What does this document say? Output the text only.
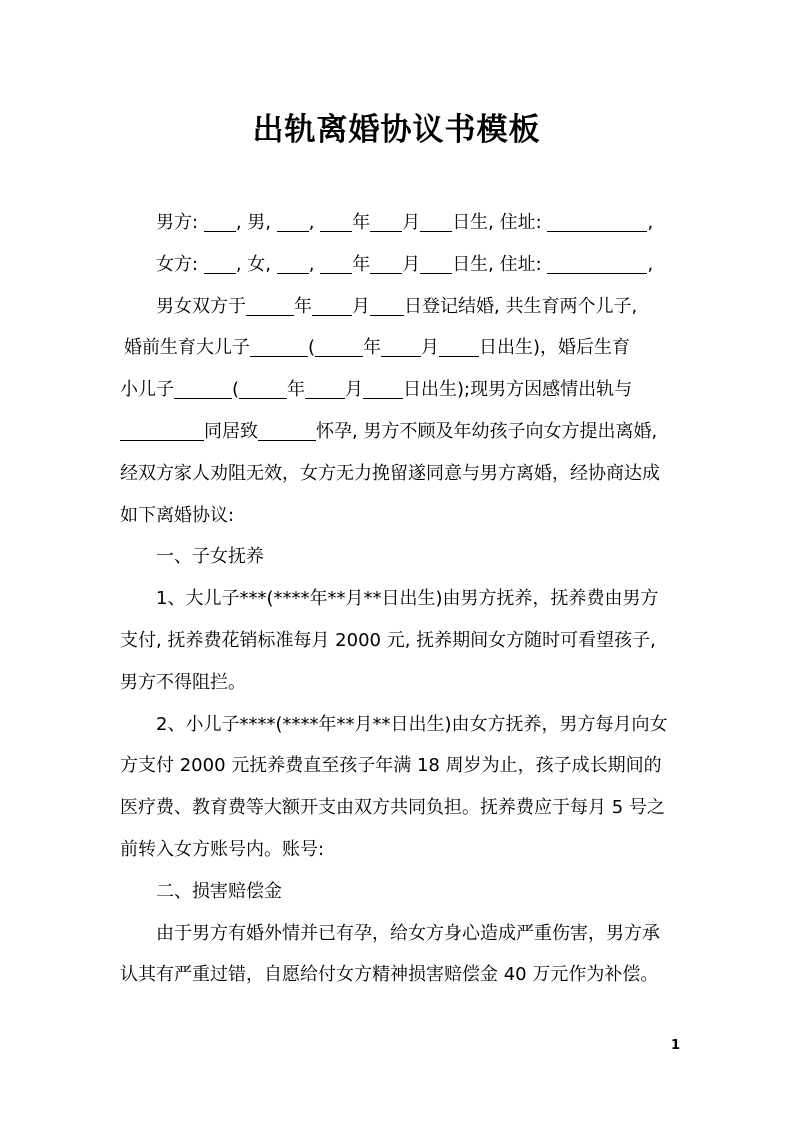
出轨离婚协议书模板

男方: , 男, , 年 月 日生, 住址:	,

女方: , 女, , 年 月 日生, 住址:	,

男女双方于	年 月 日登记结婚, 共生育两个儿子,

婚前生育大儿子	(	年 月 日出生)，婚后生育

小儿子	(	年 月 日出生);现男方因感情出轨与

同居致	怀孕, 男方不顾及年幼孩子向女方提出离婚,

经双方家人劝阻无效，女方无力挽留遂同意与男方离婚，经协商达成

如下离婚协议:

一、子女抚养

1、大儿子***(****年**月**日出生)由男方抚养，抚养费由男方

支付, 抚养费花销标准每月 2000 元, 抚养期间女方随时可看望孩子,

男方不得阻拦。

2、小儿子****(****年**月**日出生)由女方抚养，男方每月向女

方支付 2000 元抚养费直至孩子年满 18 周岁为止，孩子成长期间的

医疗费、教育费等大额开支由双方共同负担。抚养费应于每月 5 号之

前转入女方账号内。账号:

二、损害赔偿金

由于男方有婚外情并已有孕，给女方身心造成严重伤害，男方承

认其有严重过错，自愿给付女方精神损害赔偿金 40 万元作为补偿。

1
